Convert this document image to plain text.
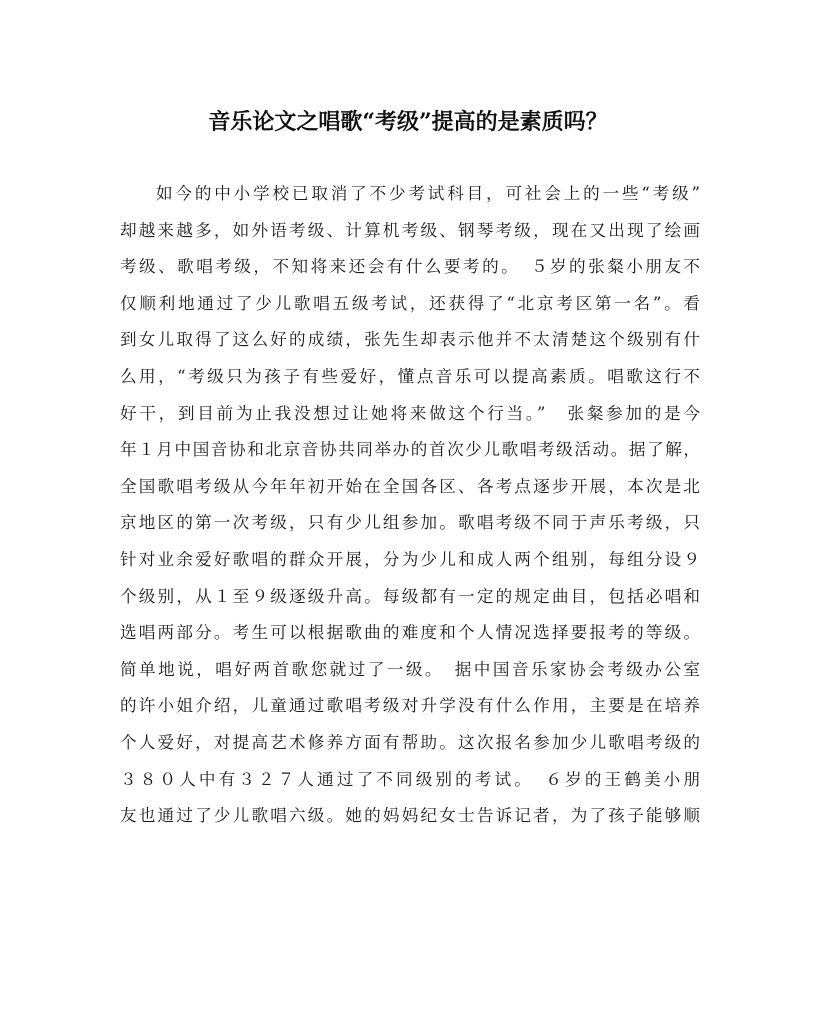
音乐论文之唱歌“考级”提高的是素质吗？
如今的中小学校已取消了不少考试科目，可社会上的一些“考级”
却越来越多，如外语考级、计算机考级、钢琴考级，现在又出现了绘画
考级、歌唱考级，不知将来还会有什么要考的。　５岁的张粲小朋友不
仅顺利地通过了少儿歌唱五级考试，还获得了“北京考区第一名”。看
到女儿取得了这么好的成绩，张先生却表示他并不太清楚这个级别有什
么用，“考级只为孩子有些爱好，懂点音乐可以提高素质。唱歌这行不
好干，到目前为止我没想过让她将来做这个行当。”　张粲参加的是今
年１月中国音协和北京音协共同举办的首次少儿歌唱考级活动。据了解，
全国歌唱考级从今年年初开始在全国各区、各考点逐步开展，本次是北
京地区的第一次考级，只有少儿组参加。歌唱考级不同于声乐考级，只
针对业余爱好歌唱的群众开展，分为少儿和成人两个组别，每组分设９
个级别，从１至９级逐级升高。每级都有一定的规定曲目，包括必唱和
选唱两部分。考生可以根据歌曲的难度和个人情况选择要报考的等级。
简单地说，唱好两首歌您就过了一级。　据中国音乐家协会考级办公室
的许小姐介绍，儿童通过歌唱考级对升学没有什么作用，主要是在培养
个人爱好，对提高艺术修养方面有帮助。这次报名参加少儿歌唱考级的
３８０人中有３２７人通过了不同级别的考试。　６岁的王鹤美小朋
友也通过了少儿歌唱六级。她的妈妈纪女士告诉记者，为了孩子能够顺
